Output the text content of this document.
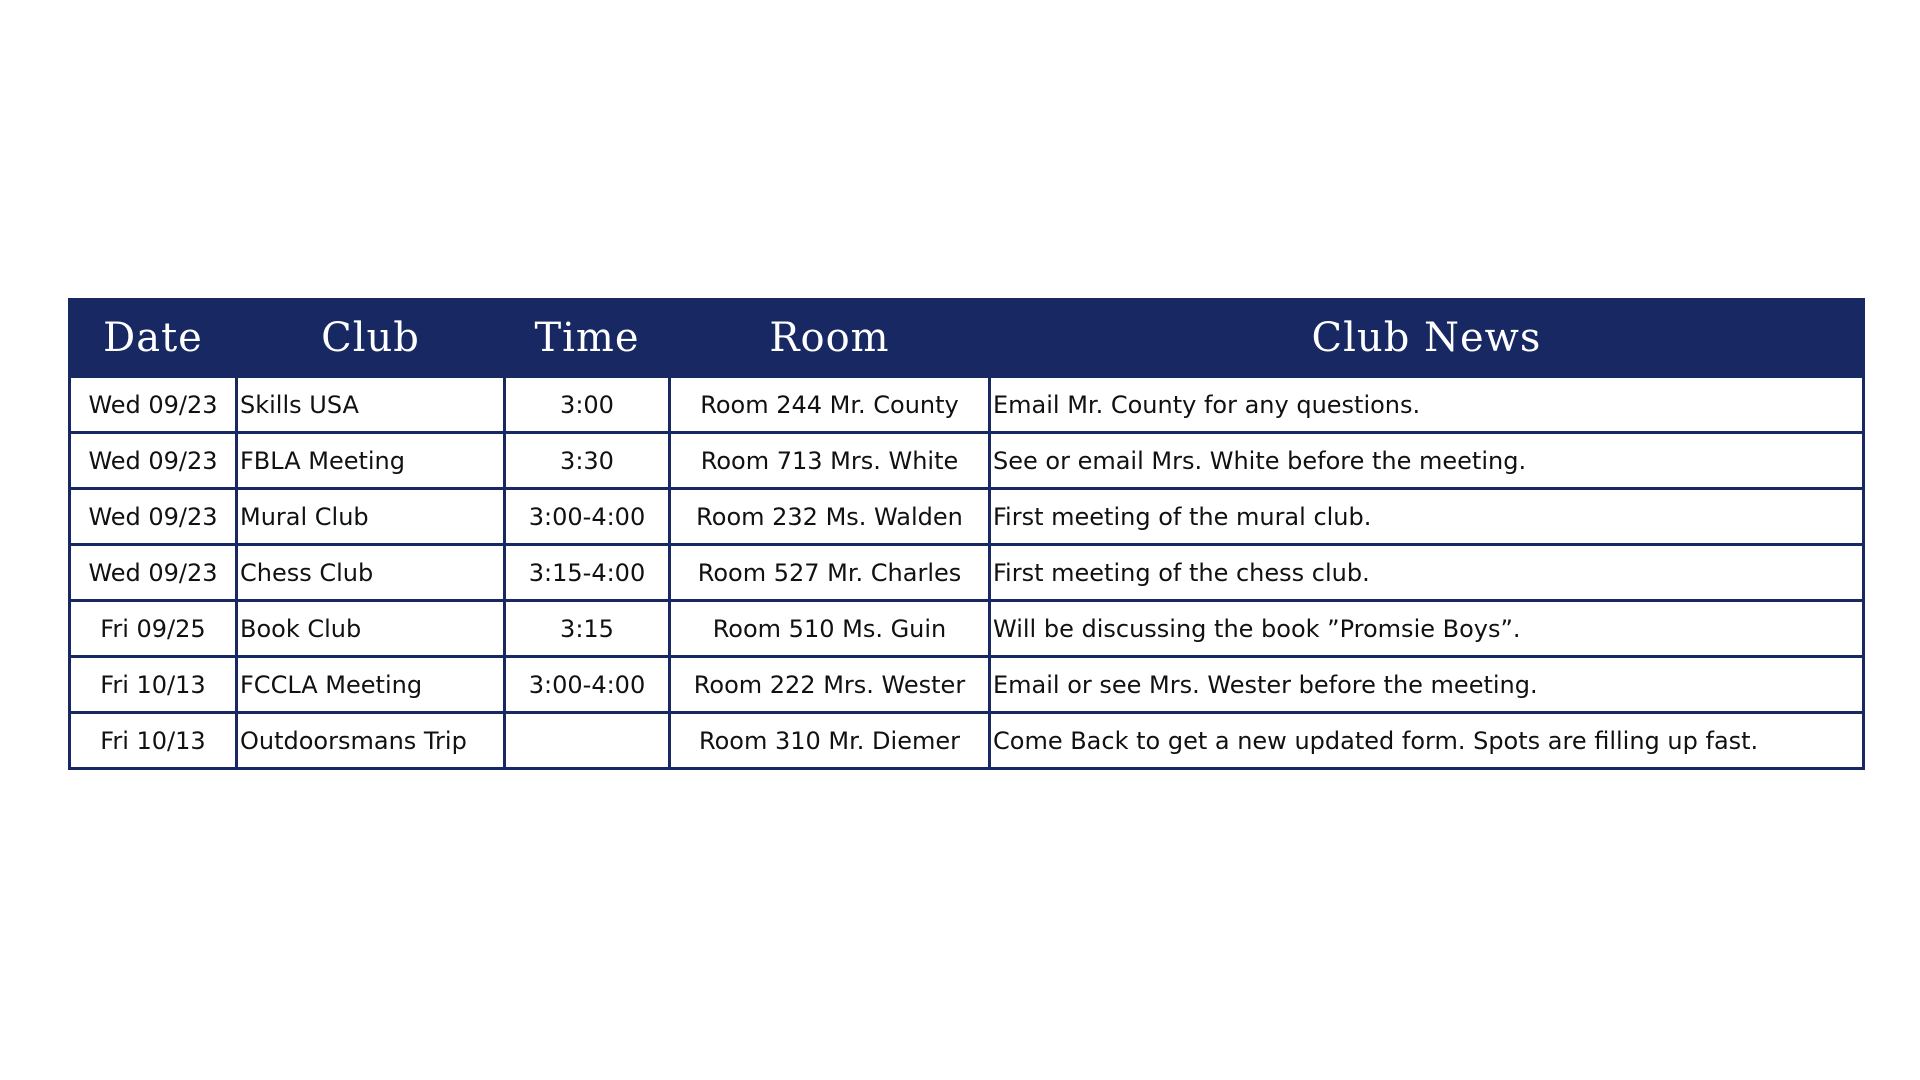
Date	Club	Time	Room	Club News
Wed 09/23	Skills USA	3:00	Room 244 Mr. County	Email Mr. County for any questions.
Wed 09/23	FBLA Meeting	3:30	Room 713 Mrs. White	See or email Mrs. White before the meeting.
Wed 09/23	Mural Club	3:00-4:00	Room 232 Ms. Walden	First meeting of the mural club.
Wed 09/23	Chess Club	3:15-4:00	Room 527 Mr. Charles	First meeting of the chess club.
Fri 09/25	Book Club	3:15	Room 510 Ms. Guin	Will be discussing the book ”Promsie Boys”.
Fri 10/13	FCCLA Meeting	3:00-4:00	Room 222 Mrs. Wester	Email or see Mrs. Wester before the meeting.
Fri 10/13	Outdoorsmans Trip		Room 310 Mr. Diemer	Come Back to get a new updated form. Spots are filling up fast.
